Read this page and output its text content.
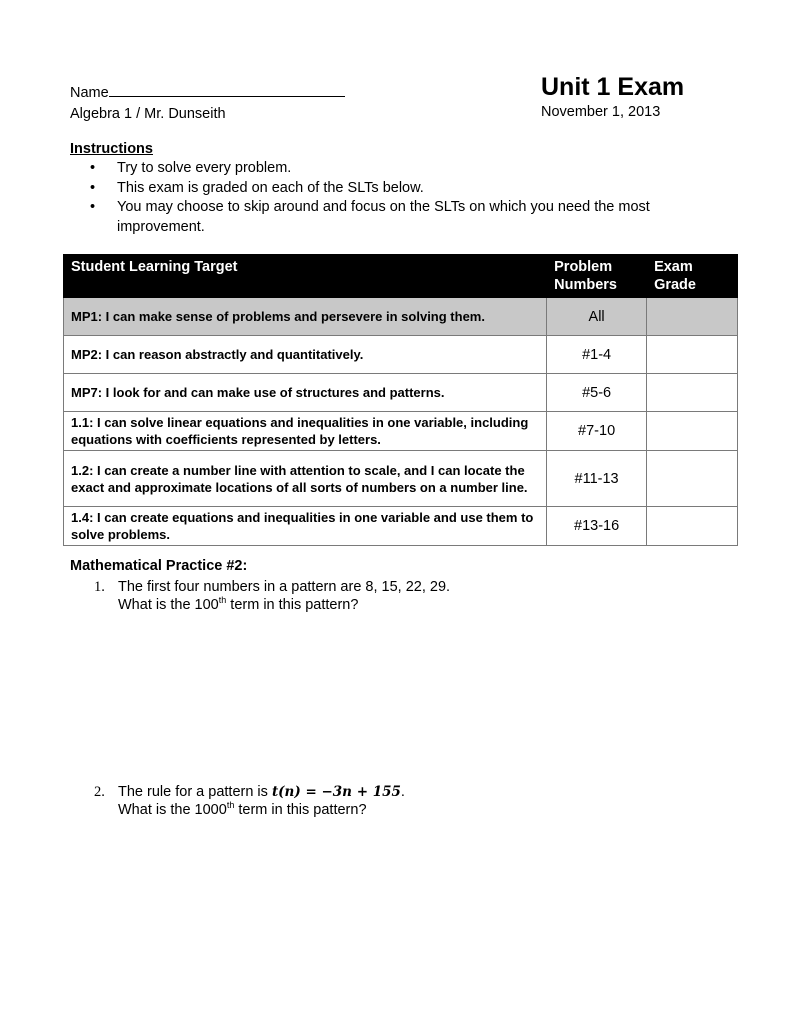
Name
Algebra 1 / Mr. Dunseith
Unit 1 Exam
November 1, 2013
Instructions
• Try to solve every problem.
• This exam is graded on each of the SLTs below.
• You may choose to skip around and focus on the SLTs on which you need the most improvement.
Student Learning Target	Problem Numbers	Exam Grade
MP1: I can make sense of problems and persevere in solving them.	All	
MP2: I can reason abstractly and quantitatively.	#1-4	
MP7: I look for and can make use of structures and patterns.	#5-6	
1.1: I can solve linear equations and inequalities in one variable, including equations with coefficients represented by letters.	#7-10	
1.2: I can create a number line with attention to scale, and I can locate the exact and approximate locations of all sorts of numbers on a number line.	#11-13	
1.4: I can create equations and inequalities in one variable and use them to solve problems.	#13-16	
Mathematical Practice #2:
1. The first four numbers in a pattern are 8, 15, 22, 29.
What is the 100th term in this pattern?
2. The rule for a pattern is t(n) = −3n + 155.
What is the 1000th term in this pattern?
